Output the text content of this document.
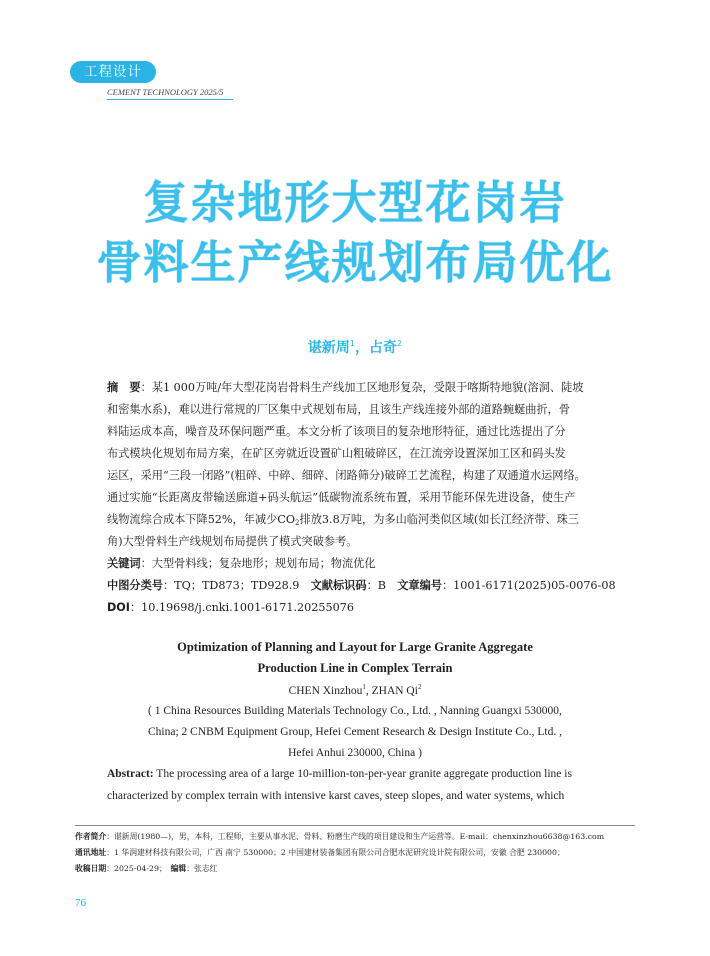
工程设计
CEMENT TECHNOLOGY 2025/5
复杂地形大型花岗岩
骨料生产线规划布局优化
谌新周$^1$，占奇$^2$
摘　要：某1 000万吨/年大型花岗岩骨料生产线加工区地形复杂，受限于喀斯特地貌(溶洞、陡坡
和密集水系)，难以进行常规的厂区集中式规划布局，且该生产线连接外部的道路蜿蜒曲折，骨
料陆运成本高，噪音及环保问题严重。本文分析了该项目的复杂地形特征，通过比选提出了分
布式模块化规划布局方案，在矿区旁就近设置矿山粗破碎区，在江流旁设置深加工区和码头发
运区，采用“三段一闭路”(粗碎、中碎、细碎、闭路筛分)破碎工艺流程，构建了双通道水运网络。
通过实施“长距离皮带输送廊道+码头航运”低碳物流系统布置，采用节能环保先进设备，使生产
线物流综合成本下降52%，年减少$CO_2$排放3.8万吨，为多山临河类似区域(如长江经济带、珠三
角)大型骨料生产线规划布局提供了模式突破参考。
关键词：大型骨料线；复杂地形；规划布局；物流优化
中图分类号：TQ；TD873；TD928.9　 文献标识码：B　 文章编号：1001-6171(2025)05-0076-08
DOI：10.19698/j.cnki.1001-6171.20255076
Optimization of Planning and Layout for Large Granite Aggregate
Production Line in Complex Terrain
CHEN Xinzhou$^1$, ZHAN Qi$^2$
( 1 China Resources Building Materials Technology Co., Ltd. , Nanning Guangxi 530000,
China; 2 CNBM Equipment Group, Hefei Cement Research & Design Institute Co., Ltd. ,
Hefei Anhui 230000, China )
Abstract: The processing area of a large 10-million-ton-per-year granite aggregate production line is
characterized by complex terrain with intensive karst caves, steep slopes, and water systems, which
作者简介：谌新周(1980—)，男，本科，工程师，主要从事水泥、骨料、粉磨生产线的项目建设和生产运营等。E-mail：chenxinzhou6638@163.com
通讯地址：1 华润建材科技有限公司，广西 南宁 530000；2 中国建材装备集团有限公司合肥水泥研究设计院有限公司，安徽 合肥 230000；
收稿日期：2025-04-29；　编辑：张志红
76
